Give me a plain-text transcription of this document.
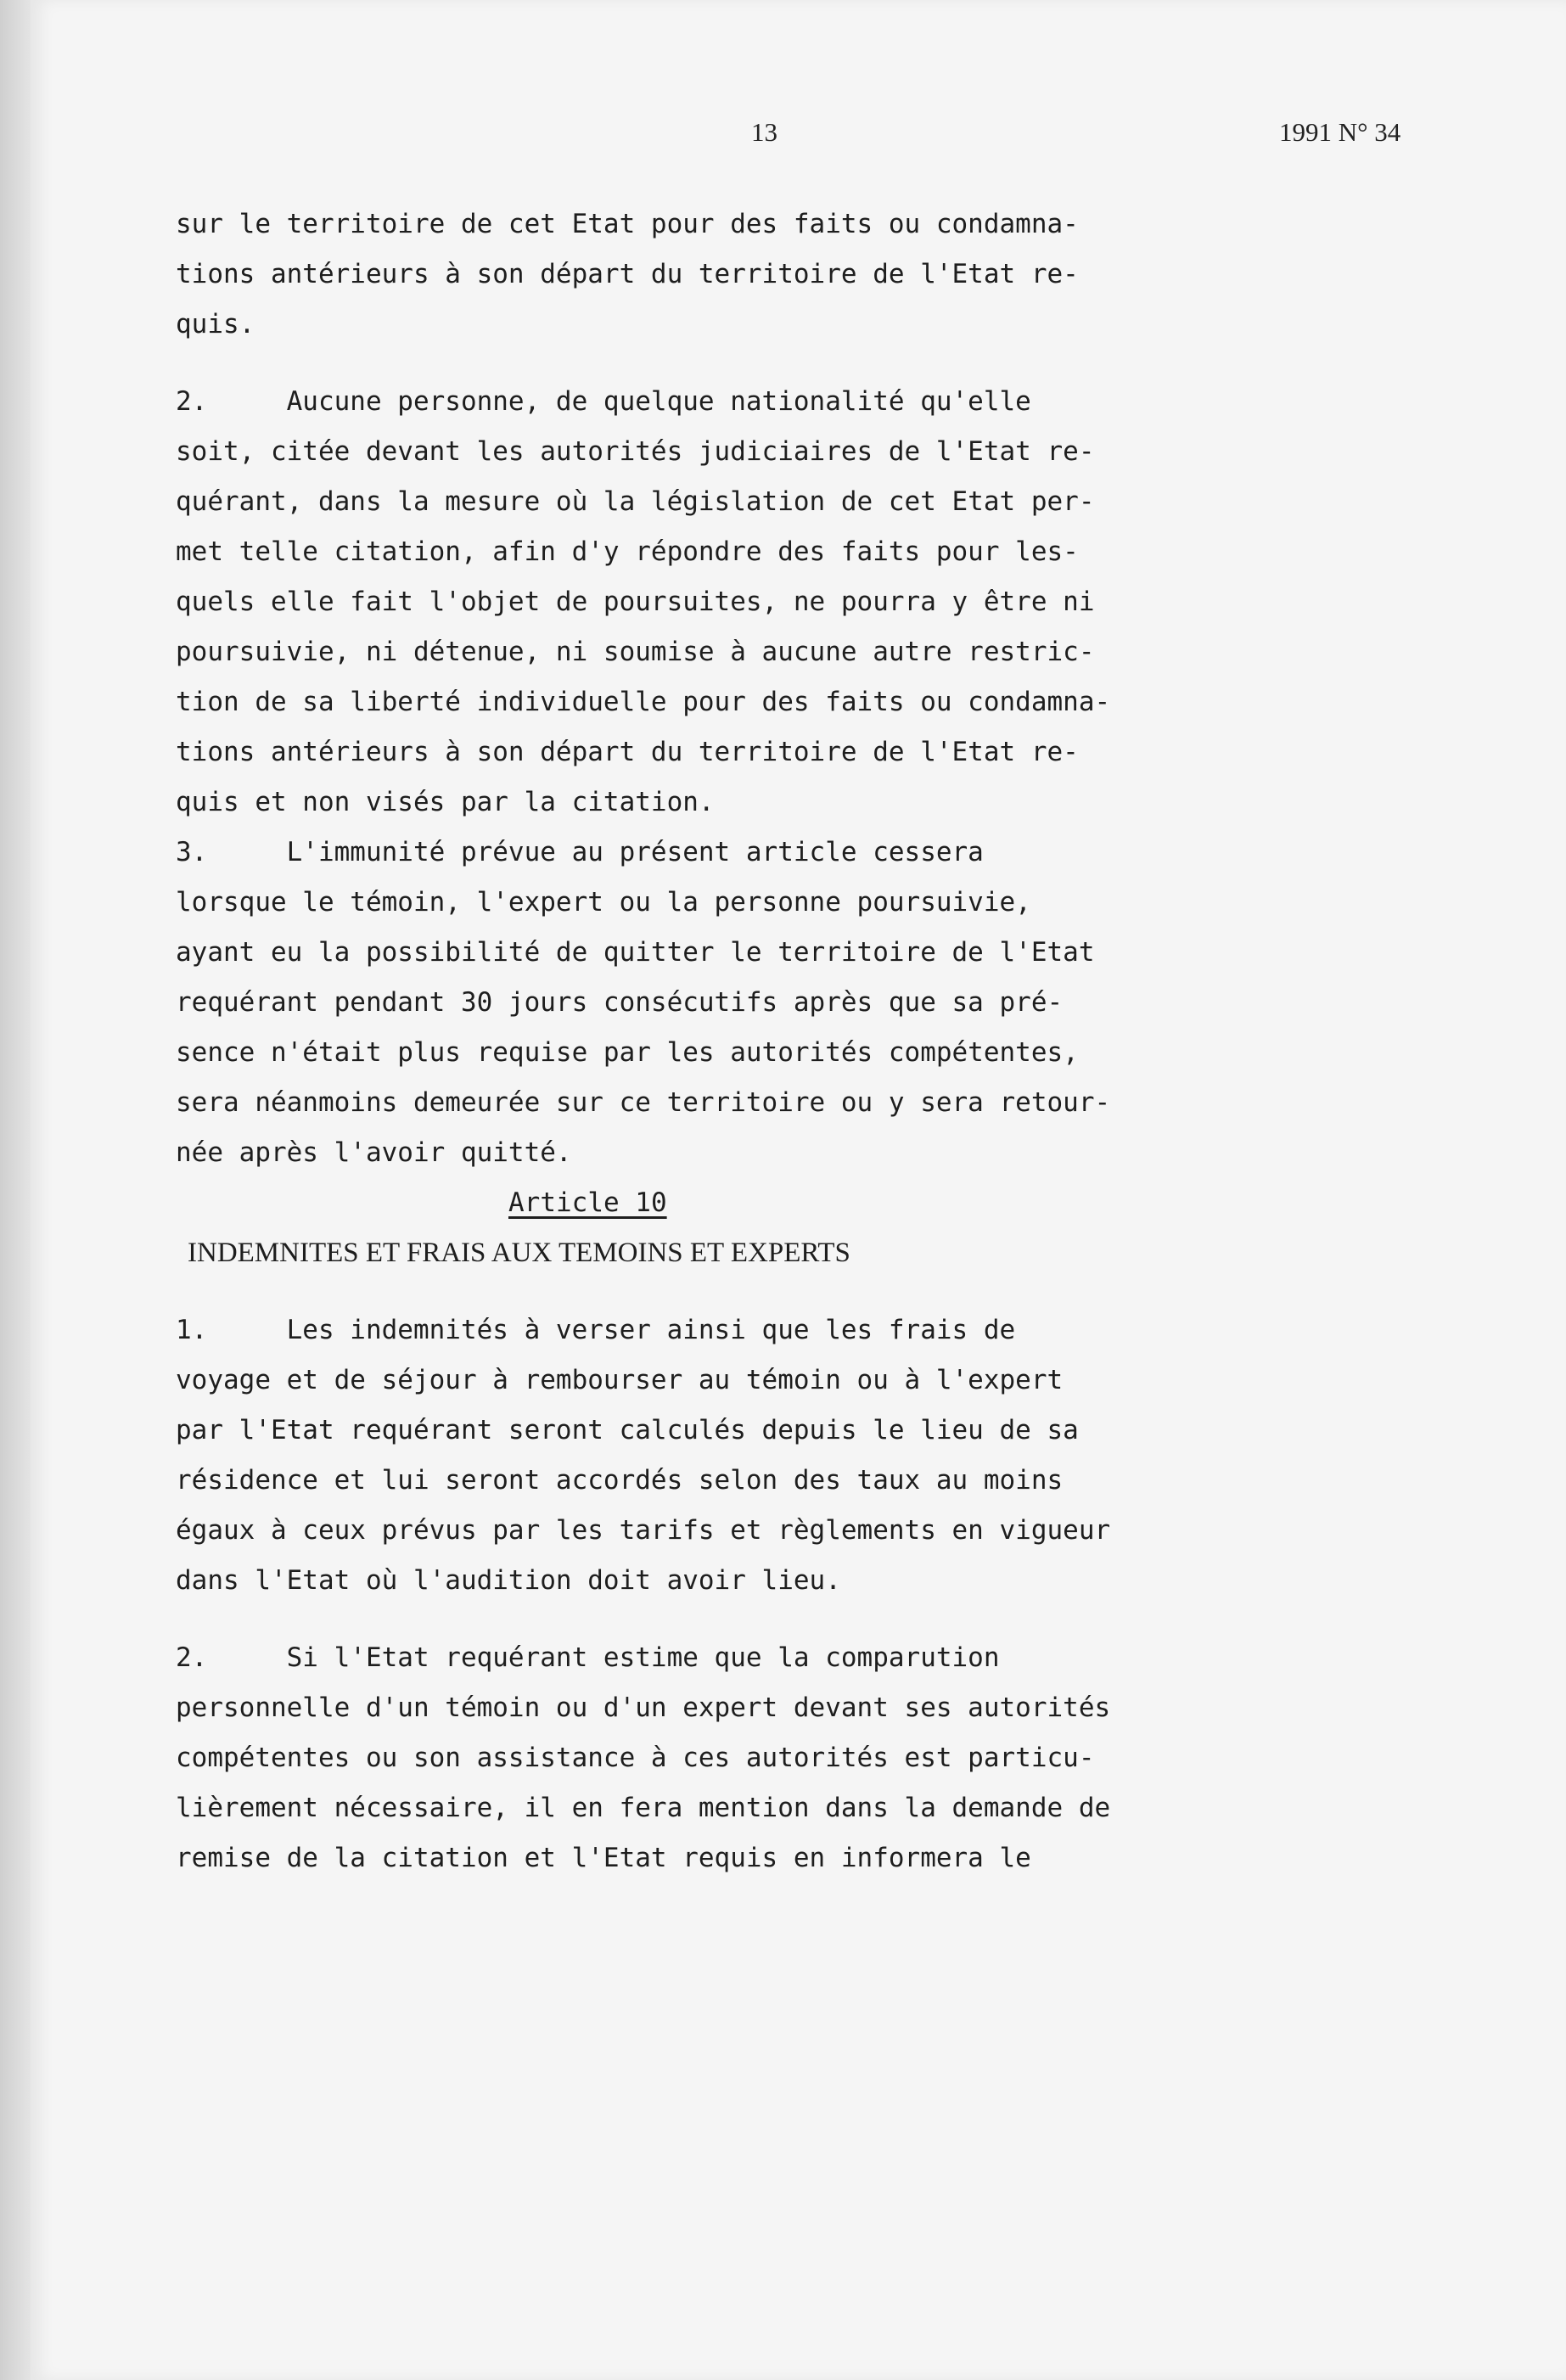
13	1991 N° 34
sur le territoire de cet Etat pour des faits ou condamna-
tions antérieurs à son départ du territoire de l'Etat re-
quis.
2.     Aucune personne, de quelque nationalité qu'elle
soit, citée devant les autorités judiciaires de l'Etat re-
quérant, dans la mesure où la législation de cet Etat per-
met telle citation, afin d'y répondre des faits pour les-
quels elle fait l'objet de poursuites, ne pourra y être ni
poursuivie, ni détenue, ni soumise à aucune autre restric-
tion de sa liberté individuelle pour des faits ou condamna-
tions antérieurs à son départ du territoire de l'Etat re-
quis et non visés par la citation.
3.     L'immunité prévue au présent article cessera
lorsque le témoin, l'expert ou la personne poursuivie,
ayant eu la possibilité de quitter le territoire de l'Etat
requérant pendant 30 jours consécutifs après que sa pré-
sence n'était plus requise par les autorités compétentes,
sera néanmoins demeurée sur ce territoire ou y sera retour-
née après l'avoir quitté.
Article 10
INDEMNITES ET FRAIS AUX TEMOINS ET EXPERTS
1.     Les indemnités à verser ainsi que les frais de
voyage et de séjour à rembourser au témoin ou à l'expert
par l'Etat requérant seront calculés depuis le lieu de sa
résidence et lui seront accordés selon des taux au moins
égaux à ceux prévus par les tarifs et règlements en vigueur
dans l'Etat où l'audition doit avoir lieu.
2.     Si l'Etat requérant estime que la comparution
personnelle d'un témoin ou d'un expert devant ses autorités
compétentes ou son assistance à ces autorités est particu-
lièrement nécessaire, il en fera mention dans la demande de
remise de la citation et l'Etat requis en informera le
